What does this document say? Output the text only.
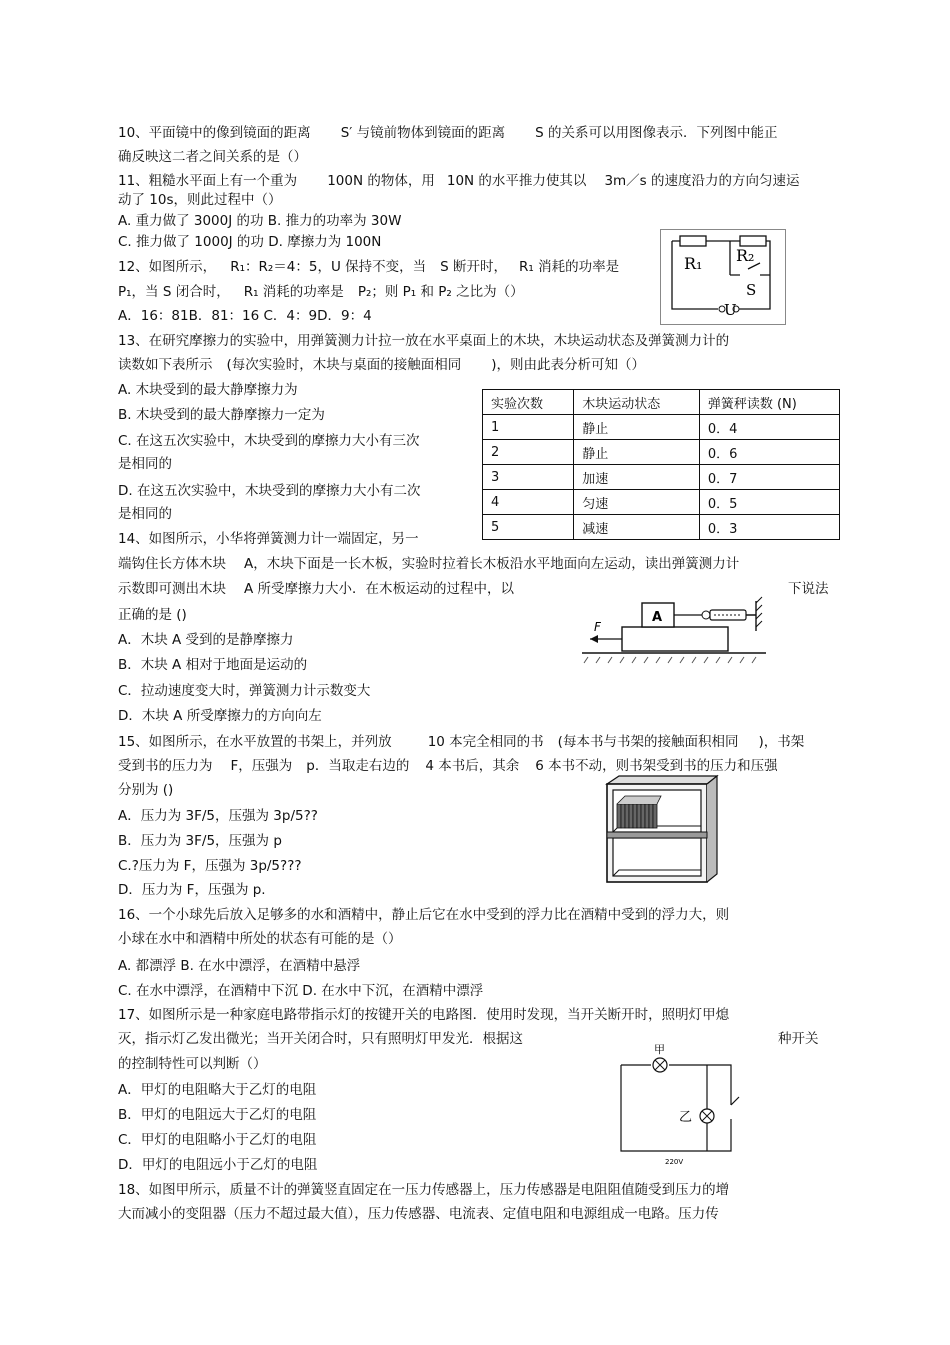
10、平面镜中的像到镜面的距离 S′ 与镜前物体到镜面的距离 S 的关系可以用图像表示．下列图中能正
确反映这二者之间关系的是（）
11、粗糙水平面上有一个重为 100N 的物体，用 10N 的水平推力使其以 3m／s 的速度沿力的方向匀速运
动了 10s，则此过程中（）
A. 重力做了 3000J 的功 B. 推力的功率为 30W
C. 推力做了 1000J 的功 D. 摩擦力为 100N
R₁ R₂
S
U
12、如图所示， R₁：R₂＝4：5，U 保持不变，当 S 断开时， R₁ 消耗的功率是
P₁，当 S 闭合时， R₁ 消耗的功率是 P₂；则 P₁ 和 P₂ 之比为（）
A．16：81B．81：16 C．4：9D．9：4
13、在研究摩擦力的实验中，用弹簧测力计拉一放在水平桌面上的木块，木块运动状态及弹簧测力计的
读数如下表所示 (每次实验时，木块与桌面的接触面相同 )，则由此表分析可知（）
A. 木块受到的最大静摩擦力为
B. 木块受到的最大静摩擦力一定为
C. 在这五次实验中，木块受到的摩擦力大小有三次
是相同的
D. 在这五次实验中，木块受到的摩擦力大小有二次
是相同的
实验次数	木块运动状态	弹簧秤读数 (N)
1	静止	0．4
2	静止	0．6
3	加速	0．7
4	匀速	0．5
5	减速	0．3
14、如图所示，小华将弹簧测力计一端固定，另一
端钩住长方体木块 A，木块下面是一长木板，实验时拉着长木板沿水平地面向左运动，读出弹簧测力计
示数即可测出木块 A 所受摩擦力大小．在木板运动的过程中，以	下说法
正确的是 ()
A．木块 A 受到的是静摩擦力
B．木块 A 相对于地面是运动的
C．拉动速度变大时，弹簧测力计示数变大
D．木块 A 所受摩擦力的方向向左
A
F
15、如图所示，在水平放置的书架上，并列放	10 本完全相同的书 (每本书与书架的接触面积相同 )，书架
受到书的压力为 F，压强为 p．当取走右边的 4 本书后，其余 6 本书不动，则书架受到书的压力和压强
分别为 ()
A．压力为 3F/5，压强为 3p/5??
B．压力为 3F/5，压强为 p
C.?压力为 F，压强为 3p/5???
D．压力为 F，压强为 p.
16、一个小球先后放入足够多的水和酒精中，静止后它在水中受到的浮力比在酒精中受到的浮力大，则
小球在水中和酒精中所处的状态有可能的是（）
A. 都漂浮 B. 在水中漂浮，在酒精中悬浮
C. 在水中漂浮，在酒精中下沉 D. 在水中下沉，在酒精中漂浮
17、如图所示是一种家庭电路带指示灯的按键开关的电路图．使用时发现，当开关断开时，照明灯甲熄
灭，指示灯乙发出微光；当开关闭合时，只有照明灯甲发光．根据这	种开关
的控制特性可以判断（）
A．甲灯的电阻略大于乙灯的电阻
B．甲灯的电阻远大于乙灯的电阻
C．甲灯的电阻略小于乙灯的电阻
D．甲灯的电阻远小于乙灯的电阻
甲
乙
220V
18、如图甲所示，质量不计的弹簧竖直固定在一压力传感器上，压力传感器是电阻阻值随受到压力的增
大而减小的变阻器（压力不超过最大值），压力传感器、电流表、定值电阻和电源组成一电路。压力传
